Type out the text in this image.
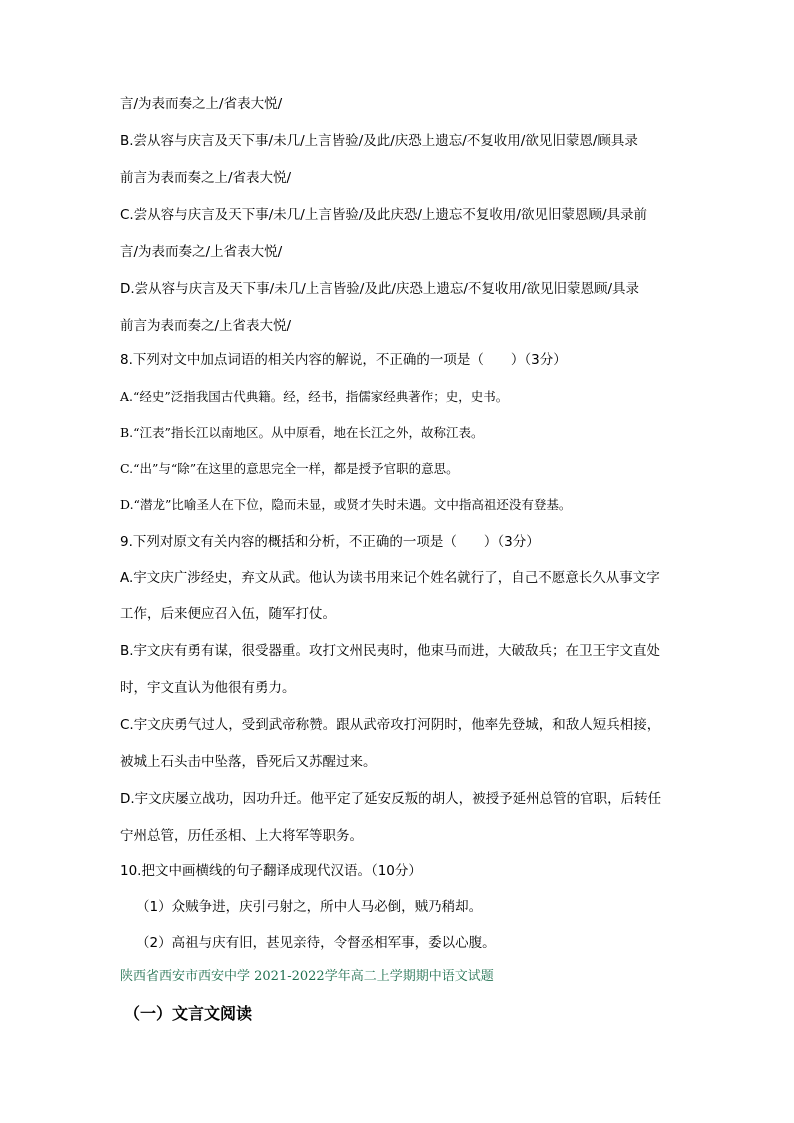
言/为表而奏之上/省表大悦/
B.尝从容与庆言及天下事/未几/上言皆验/及此/庆恐上遗忘/不复收用/欲见旧蒙恩/顾具录
前言为表而奏之上/省表大悦/
C.尝从容与庆言及天下事/未几/上言皆验/及此庆恐/上遗忘不复收用/欲见旧蒙恩顾/具录前
言/为表而奏之/上省表大悦/
D.尝从容与庆言及天下事/未几/上言皆验/及此/庆恐上遗忘/不复收用/欲见旧蒙恩顾/具录
前言为表而奏之/上省表大悦/
8.下列对文中加点词语的相关内容的解说，不正确的一项是（　　）（3分）
A.“经史”泛指我国古代典籍。经，经书，指儒家经典著作；史，史书。
B.“江表”指长江以南地区。从中原看，地在长江之外，故称江表。
C.“出”与“除”在这里的意思完全一样，都是授予官职的意思。
D.“潜龙”比喻圣人在下位，隐而未显，或贤才失时未遇。文中指高祖还没有登基。
9.下列对原文有关内容的概括和分析，不正确的一项是（　　）（3分）
A.宇文庆广涉经史，弃文从武。他认为读书用来记个姓名就行了，自己不愿意长久从事文字
工作，后来便应召入伍，随军打仗。
B.宇文庆有勇有谋，很受器重。攻打文州民夷时，他束马而进，大破敌兵；在卫王宇文直处
时，宇文直认为他很有勇力。
C.宇文庆勇气过人，受到武帝称赞。跟从武帝攻打河阴时，他率先登城，和敌人短兵相接，
被城上石头击中坠落，昏死后又苏醒过来。
D.宇文庆屡立战功，因功升迁。他平定了延安反叛的胡人，被授予延州总管的官职，后转任
宁州总管，历任丞相、上大将军等职务。
10.把文中画横线的句子翻译成现代汉语。（10分）
（1）众贼争进，庆引弓射之，所中人马必倒，贼乃稍却。
（2）高祖与庆有旧，甚见亲待，令督丞相军事，委以心腹。
陕西省西安市西安中学 2021-2022学年高二上学期期中语文试题
（一）文言文阅读
